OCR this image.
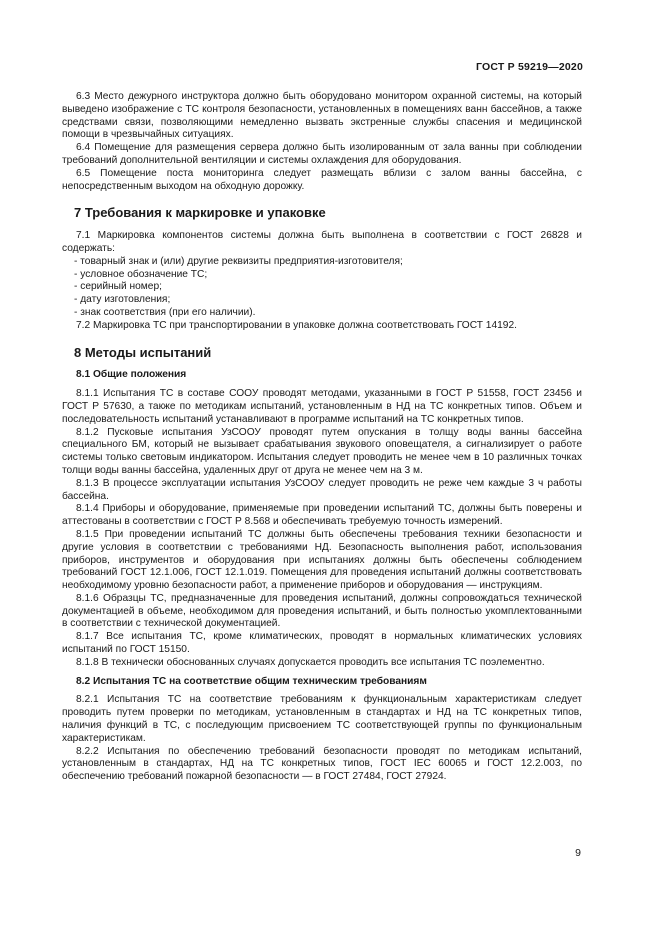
ГОСТ Р 59219—2020

6.3 Место дежурного инструктора должно быть оборудовано монитором охранной системы, на который выведено изображение с ТС контроля безопасности, установленных в помещениях ванн бассейнов, а также средствами связи, позволяющими немедленно вызвать экстренные службы спасения и медицинской помощи в чрезвычайных ситуациях.

6.4 Помещение для размещения сервера должно быть изолированным от зала ванны при соблюдении требований дополнительной вентиляции и системы охлаждения для оборудования.

6.5 Помещение поста мониторинга следует размещать вблизи с залом ванны бассейна, с непосредственным выходом на обходную дорожку.

7 Требования к маркировке и упаковке

7.1 Маркировка компонентов системы должна быть выполнена в соответствии с ГОСТ 26828 и содержать:

- товарный знак и (или) другие реквизиты предприятия-изготовителя;

- условное обозначение ТС;

- серийный номер;

- дату изготовления;

- знак соответствия (при его наличии).

7.2 Маркировка ТС при транспортировании в упаковке должна соответствовать ГОСТ 14192.

8 Методы испытаний
8.1 Общие положения

8.1.1 Испытания ТС в составе СООУ проводят методами, указанными в ГОСТ Р 51558, ГОСТ 23456 и ГОСТ Р 57630, а также по методикам испытаний, установленным в НД на ТС конкретных типов. Объем и последовательность испытаний устанавливают в программе испытаний на ТС конкретных типов.

8.1.2 Пусковые испытания УзСООУ проводят путем опускания в толщу воды ванны бассейна специального БМ, который не вызывает срабатывания звукового оповещателя, а сигнализирует о работе системы только световым индикатором. Испытания следует проводить не менее чем в 10 различных точках толщи воды ванны бассейна, удаленных друг от друга не менее чем на 3 м.

8.1.3 В процессе эксплуатации испытания УзСООУ следует проводить не реже чем каждые 3 ч работы бассейна.

8.1.4 Приборы и оборудование, применяемые при проведении испытаний ТС, должны быть поверены и аттестованы в соответствии с ГОСТ Р 8.568 и обеспечивать требуемую точность измерений.

8.1.5 При проведении испытаний ТС должны быть обеспечены требования техники безопасности и другие условия в соответствии с требованиями НД. Безопасность выполнения работ, использования приборов, инструментов и оборудования при испытаниях должны быть обеспечены соблюдением требований ГОСТ 12.1.006, ГОСТ 12.1.019. Помещения для проведения испытаний должны соответствовать необходимому уровню безопасности работ, а применение приборов и оборудования — инструкциям.

8.1.6 Образцы ТС, предназначенные для проведения испытаний, должны сопровождаться технической документацией в объеме, необходимом для проведения испытаний, и быть полностью укомплектованными в соответствии с технической документацией.

8.1.7 Все испытания ТС, кроме климатических, проводят в нормальных климатических условиях испытаний по ГОСТ 15150.

8.1.8 В технически обоснованных случаях допускается проводить все испытания ТС поэлементно.

8.2 Испытания ТС на соответствие общим техническим требованиям

8.2.1 Испытания ТС на соответствие требованиям к функциональным характеристикам следует проводить путем проверки по методикам, установленным в стандартах и НД на ТС конкретных типов, наличия функций в ТС, с последующим присвоением ТС соответствующей группы по функциональным характеристикам.

8.2.2 Испытания по обеспечению требований безопасности проводят по методикам испытаний, установленным в стандартах, НД на ТС конкретных типов, ГОСТ IEC 60065 и ГОСТ 12.2.003, по обеспечению требований пожарной безопасности — в ГОСТ 27484, ГОСТ 27924.

9
